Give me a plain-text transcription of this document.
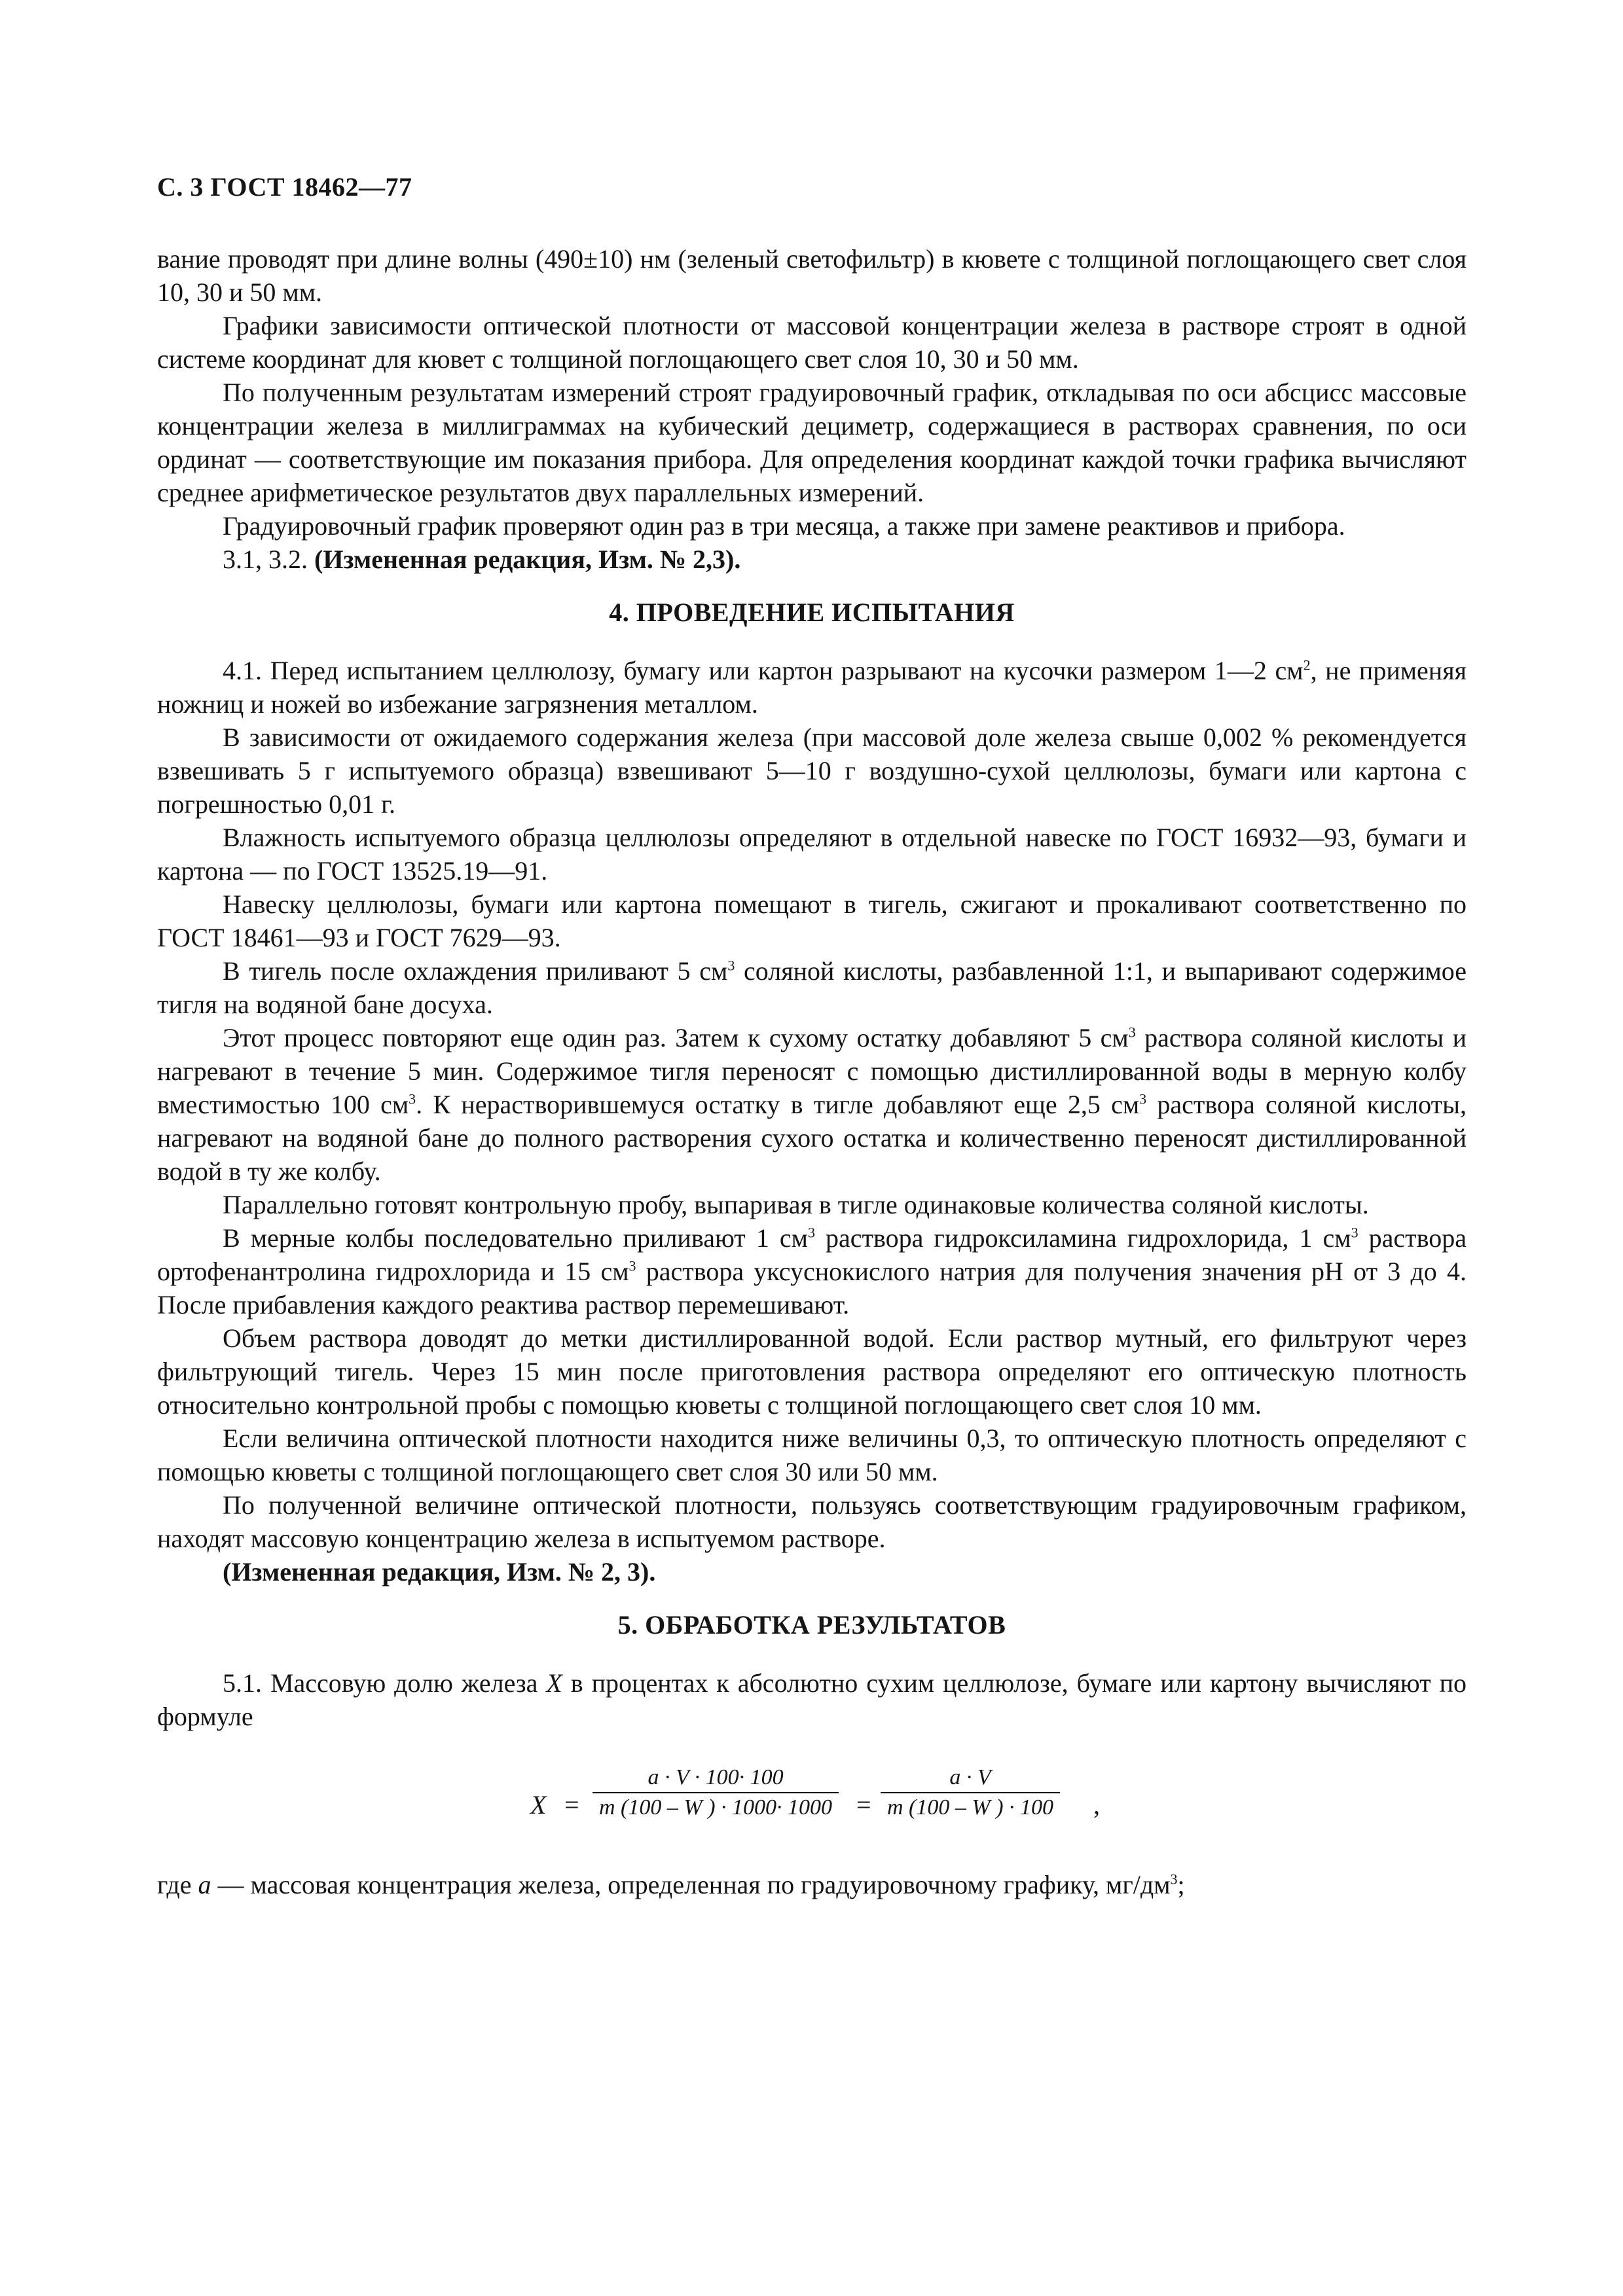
С. 3 ГОСТ 18462—77

вание проводят при длине волны (490±10) нм (зеленый светофильтр) в кювете с толщиной поглощающего свет слоя 10, 30 и 50 мм.

Графики зависимости оптической плотности от массовой концентрации железа в растворе строят в одной системе координат для кювет с толщиной поглощающего свет слоя 10, 30 и 50 мм.

По полученным результатам измерений строят градуировочный график, откладывая по оси абсцисс массовые концентрации железа в миллиграммах на кубический дециметр, содержащиеся в растворах сравнения, по оси ординат — соответствующие им показания прибора. Для определения координат каждой точки графика вычисляют среднее арифметическое результатов двух параллельных измерений.

Градуировочный график проверяют один раз в три месяца, а также при замене реактивов и прибора.

3.1, 3.2. (Измененная редакция, Изм. № 2,3).

4. ПРОВЕДЕНИЕ ИСПЫТАНИЯ

4.1. Перед испытанием целлюлозу, бумагу или картон разрывают на кусочки размером 1—2 $см^2$, не применяя ножниц и ножей во избежание загрязнения металлом.

В зависимости от ожидаемого содержания железа (при массовой доле железа свыше 0,002 % рекомендуется взвешивать 5 г испытуемого образца) взвешивают 5—10 г воздушно-сухой целлюлозы, бумаги или картона с погрешностью 0,01 г.

Влажность испытуемого образца целлюлозы определяют в отдельной навеске по ГОСТ 16932—93, бумаги и картона — по ГОСТ 13525.19—91.

Навеску целлюлозы, бумаги или картона помещают в тигель, сжигают и прокаливают соответственно по ГОСТ 18461—93 и ГОСТ 7629—93.

В тигель после охлаждения приливают 5 $см^3$ соляной кислоты, разбавленной 1:1, и выпаривают содержимое тигля на водяной бане досуха.

Этот процесс повторяют еще один раз. Затем к сухому остатку добавляют 5 $см^3$ раствора соляной кислоты и нагревают в течение 5 мин. Содержимое тигля переносят с помощью дистиллированной воды в мерную колбу вместимостью 100 $см^3$. К нерастворившемуся остатку в тигле добавляют еще 2,5 $см^3$ раствора соляной кислоты, нагревают на водяной бане до полного растворения сухого остатка и количественно переносят дистиллированной водой в ту же колбу.

Параллельно готовят контрольную пробу, выпаривая в тигле одинаковые количества соляной кислоты.

В мерные колбы последовательно приливают 1 $см^3$ раствора гидроксиламина гидрохлорида, 1 $см^3$ раствора ортофенантролина гидрохлорида и 15 $см^3$ раствора уксуснокислого натрия для получения значения pH от 3 до 4. После прибавления каждого реактива раствор перемешивают.

Объем раствора доводят до метки дистиллированной водой. Если раствор мутный, его фильтруют через фильтрующий тигель. Через 15 мин после приготовления раствора определяют его оптическую плотность относительно контрольной пробы с помощью кюветы с толщиной поглощающего свет слоя 10 мм.

Если величина оптической плотности находится ниже величины 0,3, то оптическую плотность определяют с помощью кюветы с толщиной поглощающего свет слоя 30 или 50 мм.

По полученной величине оптической плотности, пользуясь соответствующим градуировочным графиком, находят массовую концентрацию железа в испытуемом растворе.

(Измененная редакция, Изм. № 2, 3).

5. ОБРАБОТКА РЕЗУЛЬТАТОВ

5.1. Массовую долю железа X в процентах к абсолютно сухим целлюлозе, бумаге или картону вычисляют по формуле

$X = \frac{a \cdot V \cdot 100\cdot 100}{m (100 - W ) \cdot 1000\cdot 1000} = \frac{a \cdot V}{m (100 - W ) \cdot 100}$ ,

где a — массовая концентрация железа, определенная по градуировочному графику, $мг/дм^3$;
